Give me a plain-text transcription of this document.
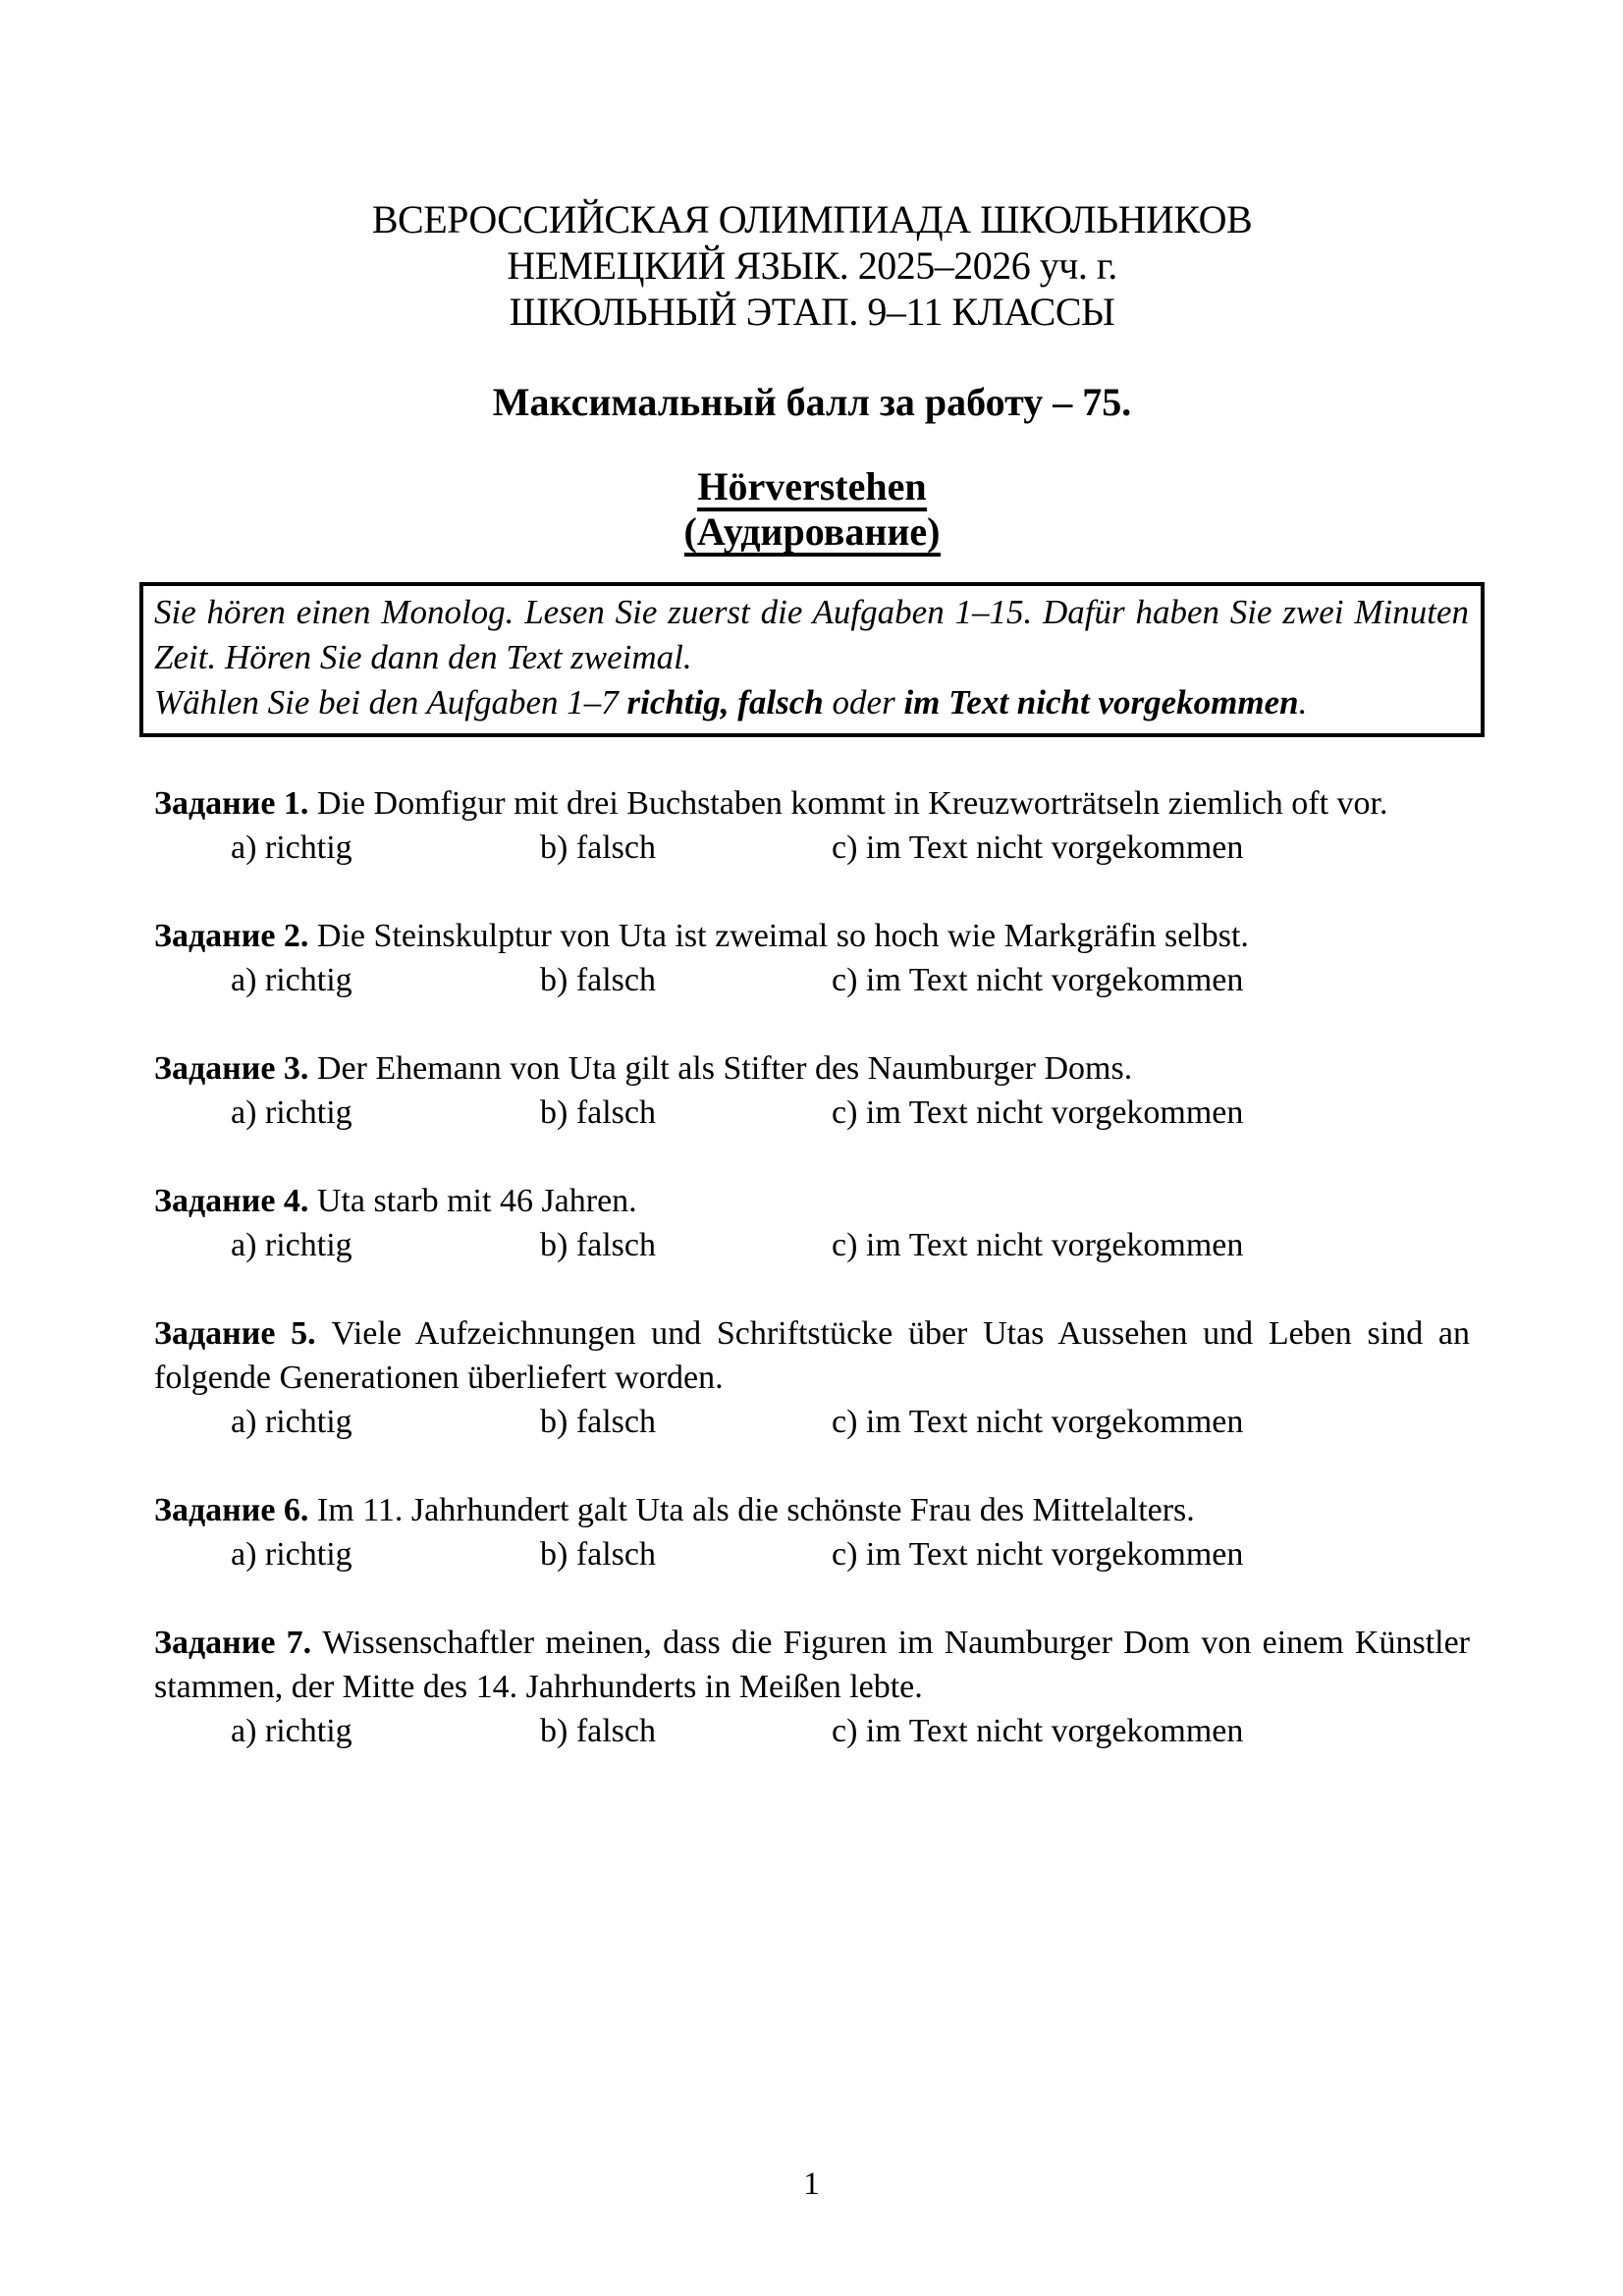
ВСЕРОССИЙСКАЯ ОЛИМПИАДА ШКОЛЬНИКОВ
НЕМЕЦКИЙ ЯЗЫК. 2025–2026 уч. г.
ШКОЛЬНЫЙ ЭТАП. 9–11 КЛАССЫ
Максимальный балл за работу – 75.
Hörverstehen
(Аудирование)

Sie hören einen Monolog. Lesen Sie zuerst die Aufgaben 1–15. Dafür haben Sie zwei Minuten Zeit. Hören Sie dann den Text zweimal.

Wählen Sie bei den Aufgaben 1–7 richtig, falsch oder im Text nicht vorgekommen.

Задание 1. Die Domfigur mit drei Buchstaben kommt in Kreuzworträtseln ziemlich oft vor.

a) richtig	b) falsch	c) im Text nicht vorgekommen

Задание 2. Die Steinskulptur von Uta ist zweimal so hoch wie Markgräfin selbst.

a) richtig	b) falsch	c) im Text nicht vorgekommen

Задание 3. Der Ehemann von Uta gilt als Stifter des Naumburger Doms.

a) richtig	b) falsch	c) im Text nicht vorgekommen

Задание 4. Uta starb mit 46 Jahren.

a) richtig	b) falsch	c) im Text nicht vorgekommen

Задание 5. Viele Aufzeichnungen und Schriftstücke über Utas Aussehen und Leben sind an folgende Generationen überliefert worden.

a) richtig	b) falsch	c) im Text nicht vorgekommen

Задание 6. Im 11. Jahrhundert galt Uta als die schönste Frau des Mittelalters.

a) richtig	b) falsch	c) im Text nicht vorgekommen

Задание 7. Wissenschaftler meinen, dass die Figuren im Naumburger Dom von einem Künstler stammen, der Mitte des 14. Jahrhunderts in Meißen lebte.

a) richtig	b) falsch	c) im Text nicht vorgekommen
1
